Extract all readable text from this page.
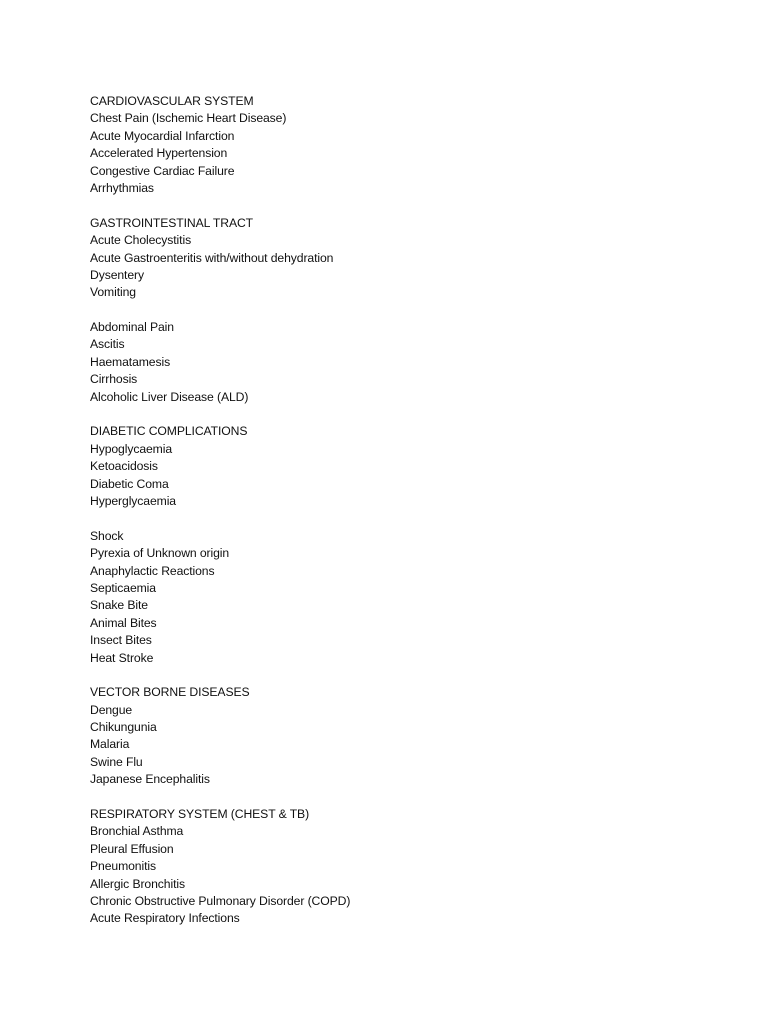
CARDIOVASCULAR SYSTEM
Chest Pain (Ischemic Heart Disease)
Acute Myocardial Infarction
Accelerated Hypertension
Congestive Cardiac Failure
Arrhythmias
GASTROINTESTINAL TRACT
Acute Cholecystitis
Acute Gastroenteritis with/without dehydration
Dysentery
Vomiting
Abdominal Pain
Ascitis
Haematamesis
Cirrhosis
Alcoholic Liver Disease (ALD)
DIABETIC COMPLICATIONS
Hypoglycaemia
Ketoacidosis
Diabetic Coma
Hyperglycaemia
Shock
Pyrexia of Unknown origin
Anaphylactic Reactions
Septicaemia
Snake Bite
Animal Bites
Insect Bites
Heat Stroke
VECTOR BORNE DISEASES
Dengue
Chikungunia
Malaria
Swine Flu
Japanese Encephalitis
RESPIRATORY SYSTEM (CHEST & TB)
Bronchial Asthma
Pleural Effusion
Pneumonitis
Allergic Bronchitis
Chronic Obstructive Pulmonary Disorder (COPD)
Acute Respiratory Infections
